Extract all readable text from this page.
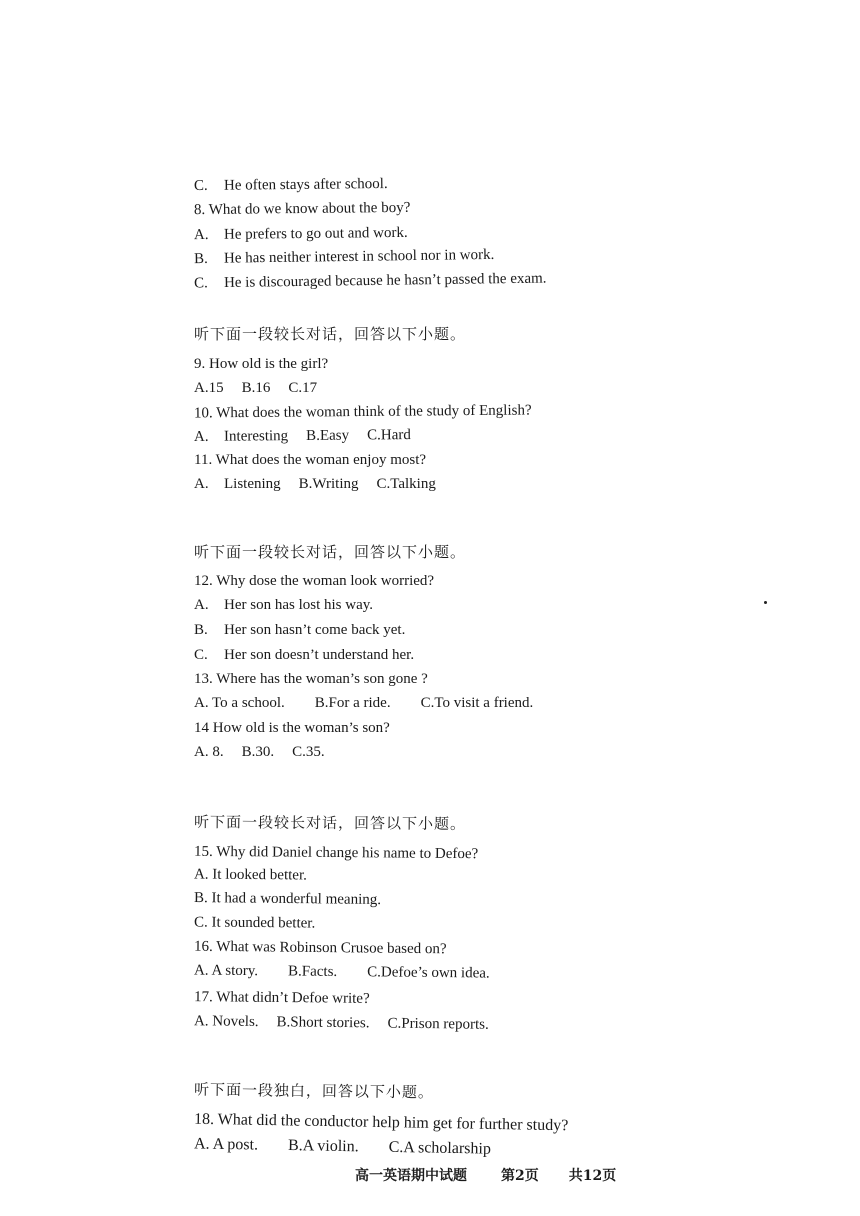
C. He often stays after school.
8. What do we know about the boy?
A. He prefers to go out and work.
B. He has neither interest in school nor in work.
C. He is discouraged because he hasn’t passed the exam.
听下面一段较长对话，回答以下小题。
9. How old is the girl?
A.15 B.16 C.17
10. What does the woman think of the study of English?
A. Interesting B.Easy C.Hard
11. What does the woman enjoy most?
A. Listening B.Writing C.Talking
听下面一段较长对话，回答以下小题。
12. Why dose the woman look worried?
A. Her son has lost his way.
B. Her son hasn’t come back yet.
C. Her son doesn’t understand her.
13. Where has the woman’s son gone ?
A. To a school. B.For a ride. C.To visit a friend.
14 How old is the woman’s son?
A. 8. B.30. C.35.
听下面一段较长对话，回答以下小题。
15. Why did Daniel change his name to Defoe?
A. It looked better.
B. It had a wonderful meaning.
C. It sounded better.
16. What was Robinson Crusoe based on?
A. A story. B.Facts. C.Defoe’s own idea.
17. What didn’t Defoe write?
A. Novels. B.Short stories. C.Prison reports.
听下面一段独白，回答以下小题。
18. What did the conductor help him get for further study?
A. A post. B.A violin. C.A scholarship
高一英语期中试题 第2页 共12页
